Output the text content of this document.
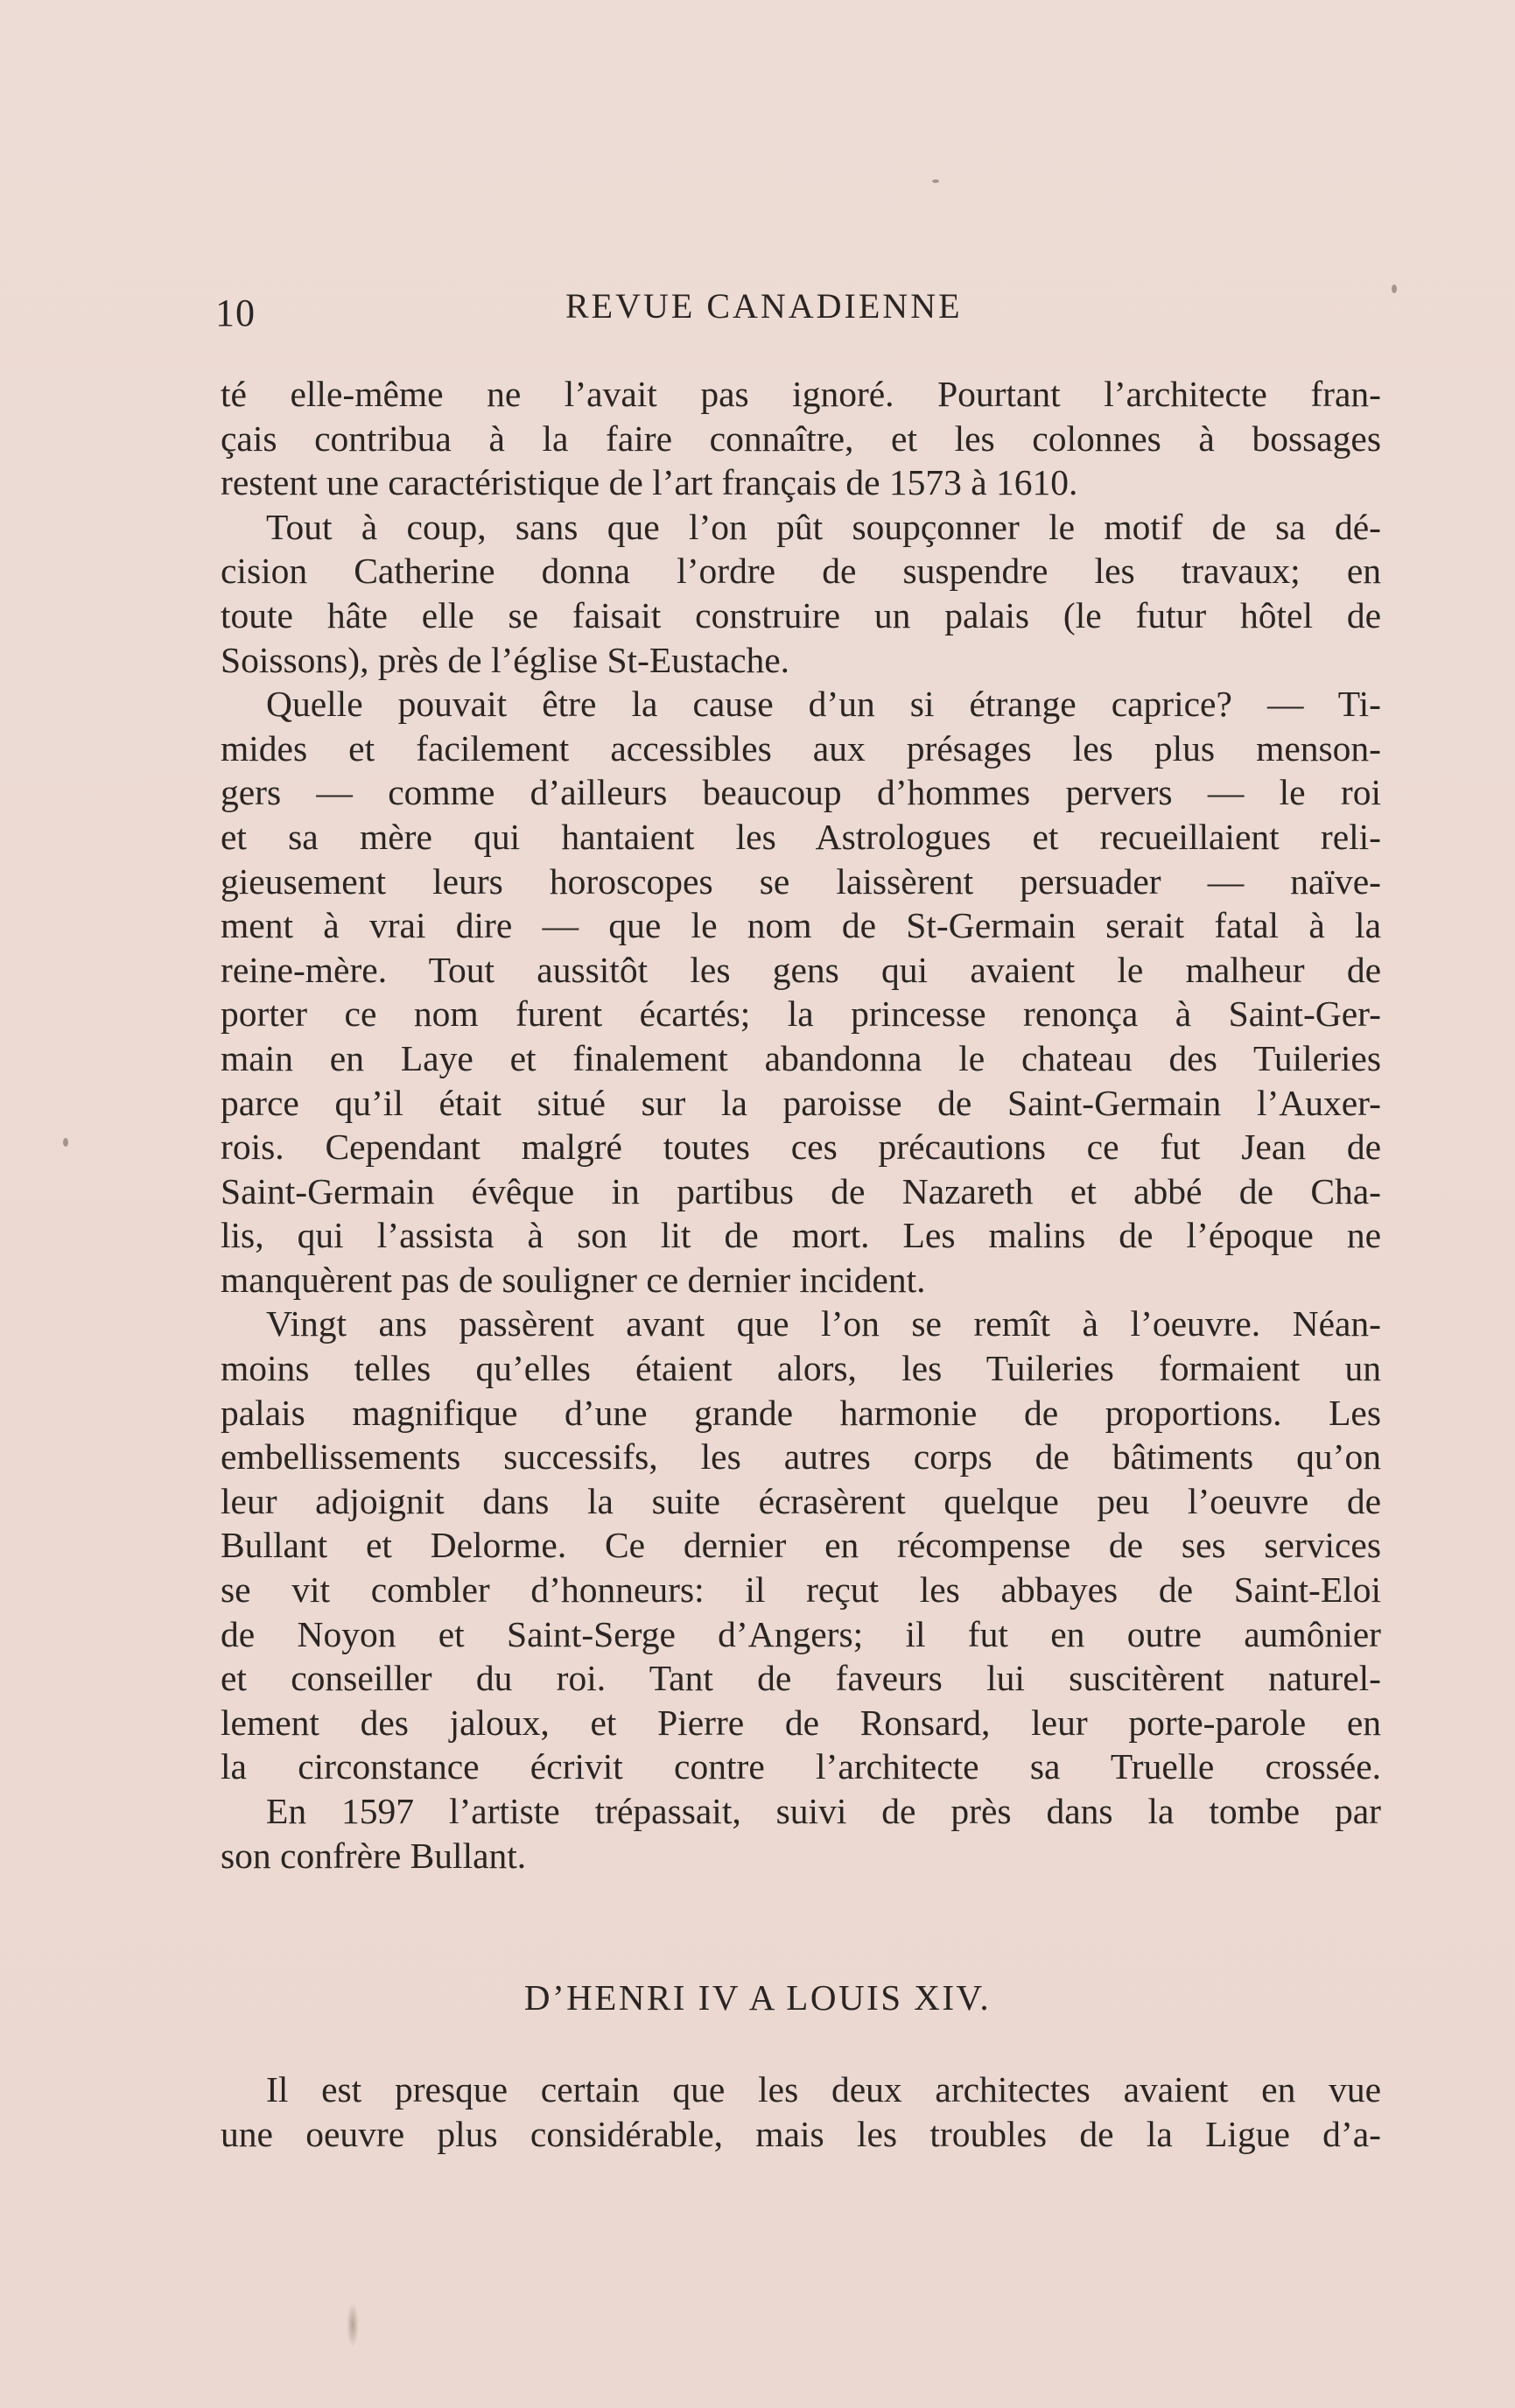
10	REVUE CANADIENNE
té elle-même ne l’avait pas ignoré. Pourtant l’architecte fran-
çais contribua à la faire connaître, et les colonnes à bossages
restent une caractéristique de l’art français de 1573 à 1610.
Tout à coup, sans que l’on pût soupçonner le motif de sa dé-
cision Catherine donna l’ordre de suspendre les travaux; en
toute hâte elle se faisait construire un palais (le futur hôtel de
Soissons), près de l’église St-Eustache.
Quelle pouvait être la cause d’un si étrange caprice? — Ti-
mides et facilement accessibles aux présages les plus menson-
gers — comme d’ailleurs beaucoup d’hommes pervers — le roi
et sa mère qui hantaient les Astrologues et recueillaient reli-
gieusement leurs horoscopes se laissèrent persuader — naïve-
ment à vrai dire — que le nom de St-Germain serait fatal à la
reine-mère. Tout aussitôt les gens qui avaient le malheur de
porter ce nom furent écartés; la princesse renonça à Saint-Ger-
main en Laye et finalement abandonna le chateau des Tuileries
parce qu’il était situé sur la paroisse de Saint-Germain l’Auxer-
rois. Cependant malgré toutes ces précautions ce fut Jean de
Saint-Germain évêque in partibus de Nazareth et abbé de Cha-
lis, qui l’assista à son lit de mort. Les malins de l’époque ne
manquèrent pas de souligner ce dernier incident.
Vingt ans passèrent avant que l’on se remît à l’oeuvre. Néan-
moins telles qu’elles étaient alors, les Tuileries formaient un
palais magnifique d’une grande harmonie de proportions. Les
embellissements successifs, les autres corps de bâtiments qu’on
leur adjoignit dans la suite écrasèrent quelque peu l’oeuvre de
Bullant et Delorme. Ce dernier en récompense de ses services
se vit combler d’honneurs: il reçut les abbayes de Saint-Eloi
de Noyon et Saint-Serge d’Angers; il fut en outre aumônier
et conseiller du roi. Tant de faveurs lui suscitèrent naturel-
lement des jaloux, et Pierre de Ronsard, leur porte-parole en
la circonstance écrivit contre l’architecte sa Truelle crossée.
En 1597 l’artiste trépassait, suivi de près dans la tombe par
son confrère Bullant.
D’HENRI IV A LOUIS XIV.
Il est presque certain que les deux architectes avaient en vue
une oeuvre plus considérable, mais les troubles de la Ligue d’a-
